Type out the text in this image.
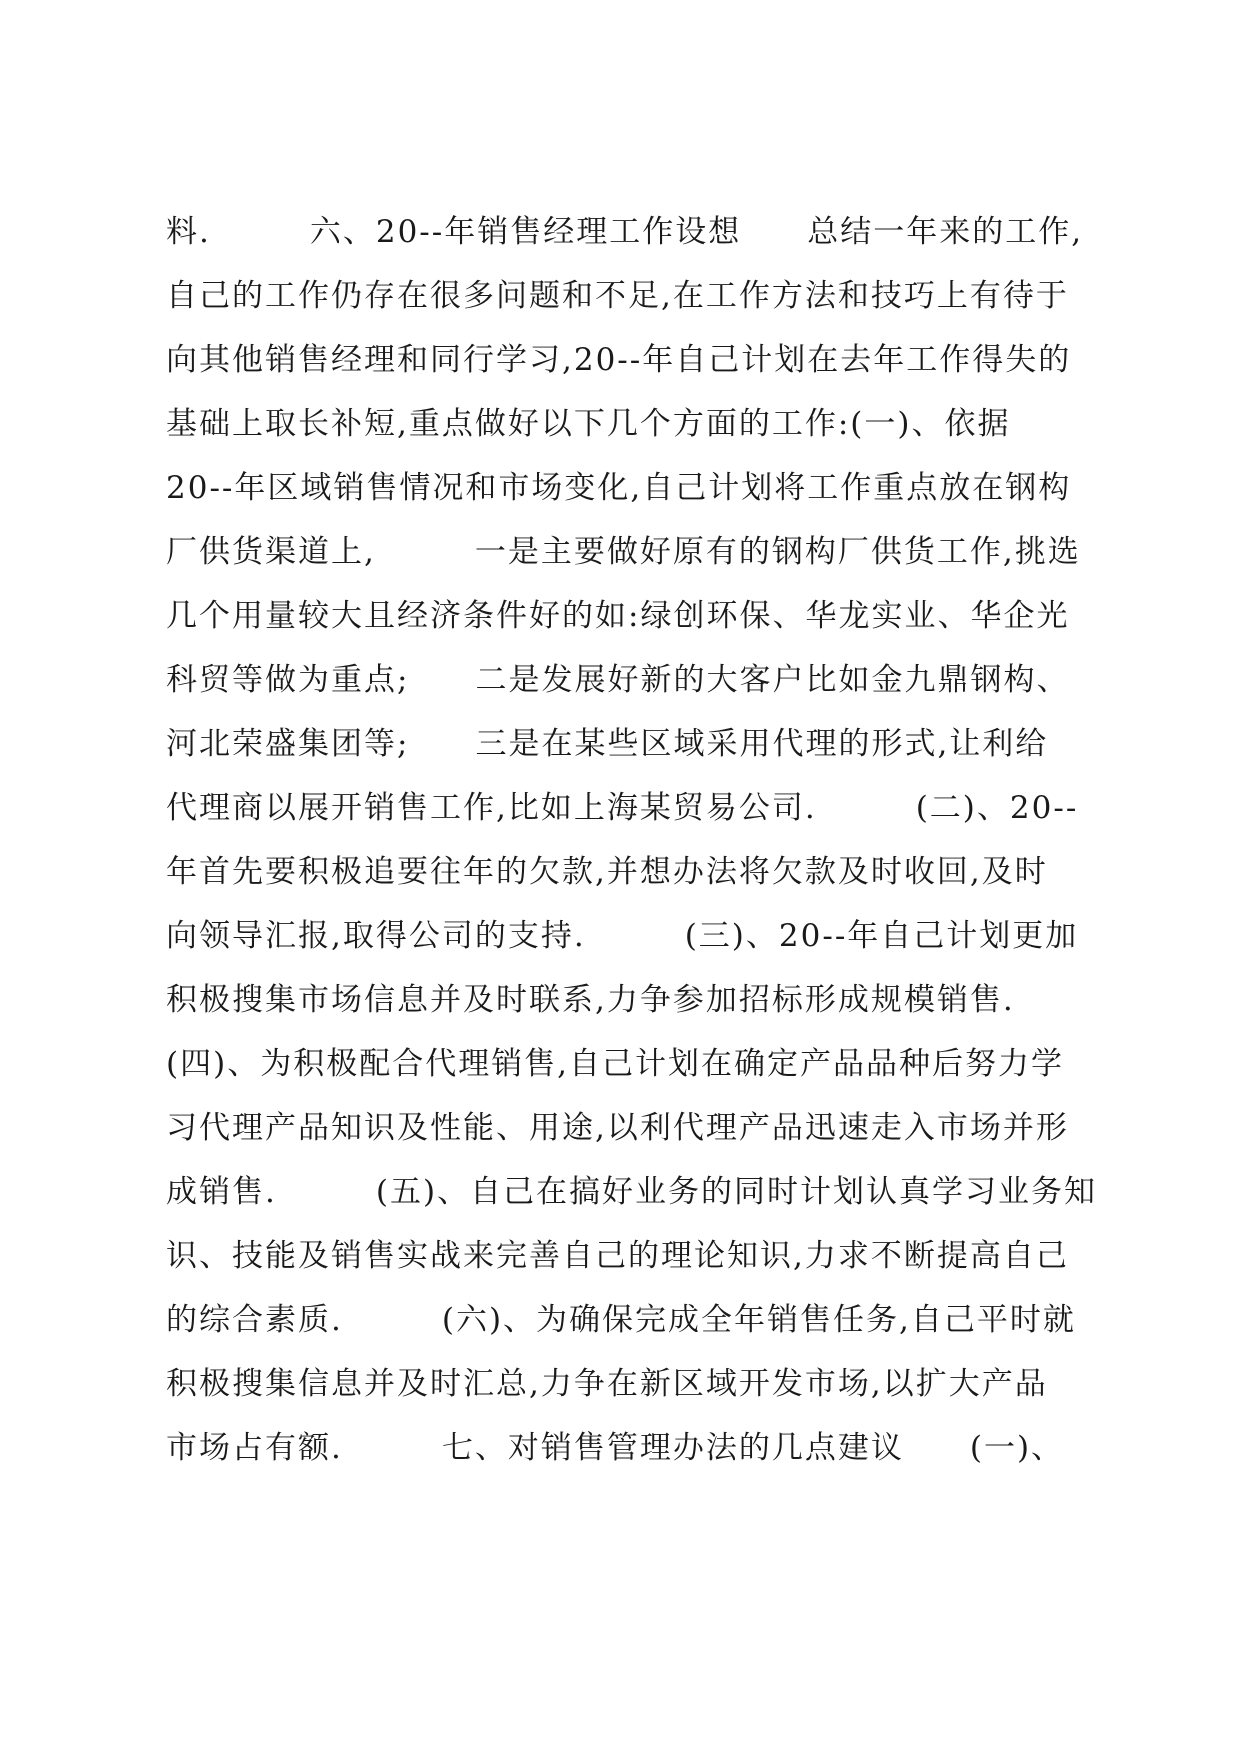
料.　　　六、20--年销售经理工作设想　　总结一年来的工作,
自己的工作仍存在很多问题和不足,在工作方法和技巧上有待于
向其他销售经理和同行学习,20--年自己计划在去年工作得失的
基础上取长补短,重点做好以下几个方面的工作:(一)、依据
20--年区域销售情况和市场变化,自己计划将工作重点放在钢构
厂供货渠道上,　　　一是主要做好原有的钢构厂供货工作,挑选
几个用量较大且经济条件好的如:绿创环保、华龙实业、华企光
科贸等做为重点;　　二是发展好新的大客户比如金九鼎钢构、
河北荣盛集团等;　　三是在某些区域采用代理的形式,让利给
代理商以展开销售工作,比如上海某贸易公司.　　　(二)、20--
年首先要积极追要往年的欠款,并想办法将欠款及时收回,及时
向领导汇报,取得公司的支持.　　　(三)、20--年自己计划更加
积极搜集市场信息并及时联系,力争参加招标形成规模销售.
(四)、为积极配合代理销售,自己计划在确定产品品种后努力学
习代理产品知识及性能、用途,以利代理产品迅速走入市场并形
成销售.　　　(五)、自己在搞好业务的同时计划认真学习业务知
识、技能及销售实战来完善自己的理论知识,力求不断提高自己
的综合素质.　　　(六)、为确保完成全年销售任务,自己平时就
积极搜集信息并及时汇总,力争在新区域开发市场,以扩大产品
市场占有额.　　　七、对销售管理办法的几点建议　　(一)、
